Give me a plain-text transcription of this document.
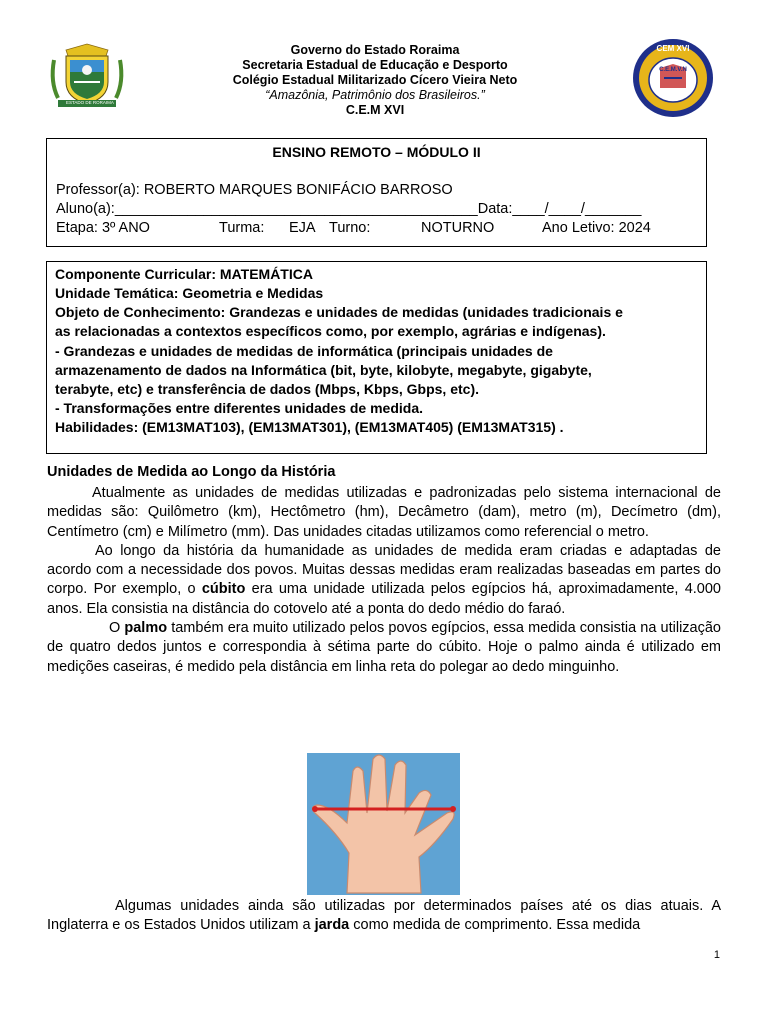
ESTADO DE RORAIMA
CEM XVI
C.E.M.V.N
Governo do Estado Roraima
Secretaria Estadual de Educação e Desporto
Colégio Estadual Militarizado Cícero Vieira Neto
“Amazônia, Patrimônio dos Brasileiros.”
C.E.M XVI
ENSINO REMOTO – MÓDULO II
Professor(a): ROBERTO MARQUES BONIFÁCIO BARROSO
Aluno(a):_____________________________________________Data:____/____/_______
Etapa: 3º ANO	Turma: EJA Turno:	NOTURNO	Ano Letivo: 2024
Componente Curricular: MATEMÁTICA
Unidade Temática: Geometria e Medidas
Objeto de Conhecimento: Grandezas e unidades de medidas (unidades tradicionais e
as relacionadas a contextos específicos como, por exemplo, agrárias e indígenas).
- Grandezas e unidades de medidas de informática (principais unidades de
armazenamento de dados na Informática (bit, byte, kilobyte, megabyte, gigabyte,
terabyte, etc) e transferência de dados (Mbps, Kbps, Gbps, etc).
- Transformações entre diferentes unidades de medida.
Habilidades: (EM13MAT103), (EM13MAT301), (EM13MAT405) (EM13MAT315) .
Unidades de Medida ao Longo da História

Atualmente as unidades de medidas utilizadas e padronizadas pelo sistema internacional de medidas são: Quilômetro (km), Hectômetro (hm), Decâmetro (dam), metro (m), Decímetro (dm), Centímetro (cm) e Milímetro (mm). Das unidades citadas utilizamos como referencial o metro.

Ao longo da história da humanidade as unidades de medida eram criadas e adaptadas de acordo com a necessidade dos povos. Muitas dessas medidas eram realizadas baseadas em partes do corpo. Por exemplo, o cúbito era uma unidade utilizada pelos egípcios há, aproximadamente, 4.000 anos. Ela consistia na distância do cotovelo até a ponta do dedo médio do faraó.

O palmo também era muito utilizado pelos povos egípcios, essa medida consistia na utilização de quatro dedos juntos e correspondia à sétima parte do cúbito. Hoje o palmo ainda é utilizado em medições caseiras, é medido pela distância em linha reta do polegar ao dedo minguinho.

Algumas unidades ainda são utilizadas por determinados países até os dias atuais. A Inglaterra e os Estados Unidos utilizam a jarda como medida de comprimento. Essa medida

1
